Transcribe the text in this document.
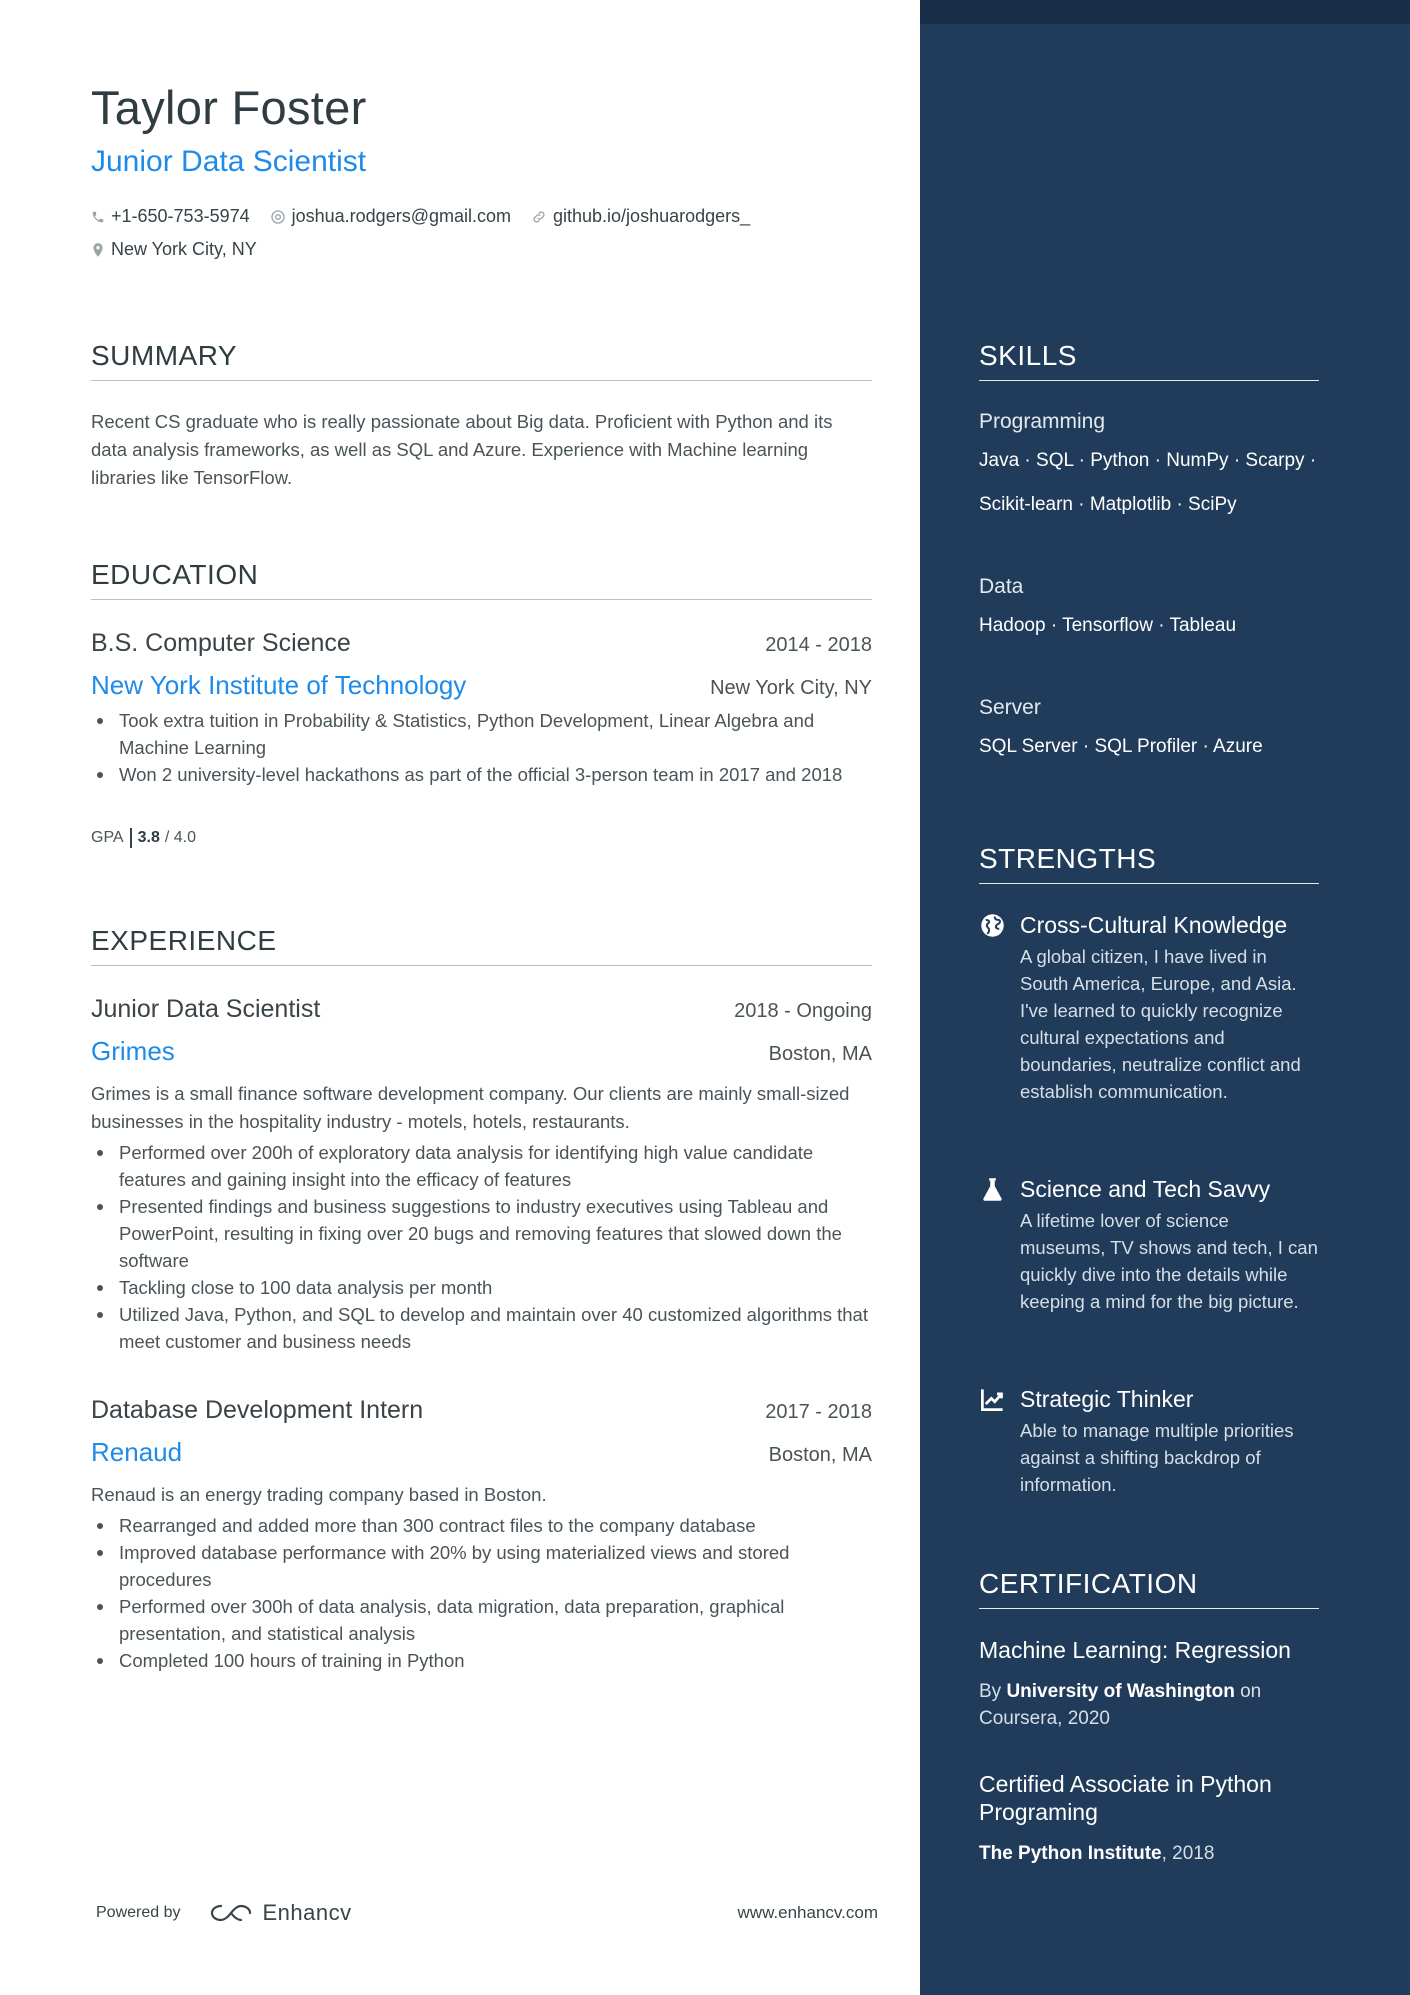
Taylor Foster
Junior Data Scientist
+1-650-753-5974 joshua.rodgers@gmail.com github.io/joshuarodgers_
New York City, NY
SUMMARY
Recent CS graduate who is really passionate about Big data. Proficient with Python and its data analysis frameworks, as well as SQL and Azure. Experience with Machine learning libraries like TensorFlow.
EDUCATION
B.S. Computer Science	2014 - 2018
New York Institute of Technology	New York City, NY
Took extra tuition in Probability & Statistics, Python Development, Linear Algebra and Machine Learning
Won 2 university-level hackathons as part of the official 3-person team in 2017 and 2018
GPA 3.8 / 4.0
EXPERIENCE
Junior Data Scientist	2018 - Ongoing
Grimes	Boston, MA
Grimes is a small finance software development company. Our clients are mainly small-sized businesses in the hospitality industry - motels, hotels, restaurants.
Performed over 200h of exploratory data analysis for identifying high value candidate features and gaining insight into the efficacy of features
Presented findings and business suggestions to industry executives using Tableau and PowerPoint, resulting in fixing over 20 bugs and removing features that slowed down the software
Tackling close to 100 data analysis per month
Utilized Java, Python, and SQL to develop and maintain over 40 customized algorithms that meet customer and business needs
Database Development Intern	2017 - 2018
Renaud	Boston, MA
Renaud is an energy trading company based in Boston.
Rearranged and added more than 300 contract files to the company database
Improved database performance with 20% by using materialized views and stored procedures
Performed over 300h of data analysis, data migration, data preparation, graphical presentation, and statistical analysis
Completed 100 hours of training in Python
Powered by	Enhancv	www.enhancv.com
SKILLS
Programming
Java · SQL · Python · NumPy · Scarpy ·
Scikit-learn · Matplotlib · SciPy
Data
Hadoop · Tensorflow · Tableau
Server
SQL Server · SQL Profiler · Azure
STRENGTHS
Cross-Cultural Knowledge
A global citizen, I have lived in South America, Europe, and Asia. I've learned to quickly recognize cultural expectations and boundaries, neutralize conflict and establish communication.
Science and Tech Savvy
A lifetime lover of science museums, TV shows and tech, I can quickly dive into the details while keeping a mind for the big picture.
Strategic Thinker
Able to manage multiple priorities against a shifting backdrop of information.
CERTIFICATION
Machine Learning: Regression
By University of Washington on Coursera, 2020
Certified Associate in Python Programing
The Python Institute, 2018
